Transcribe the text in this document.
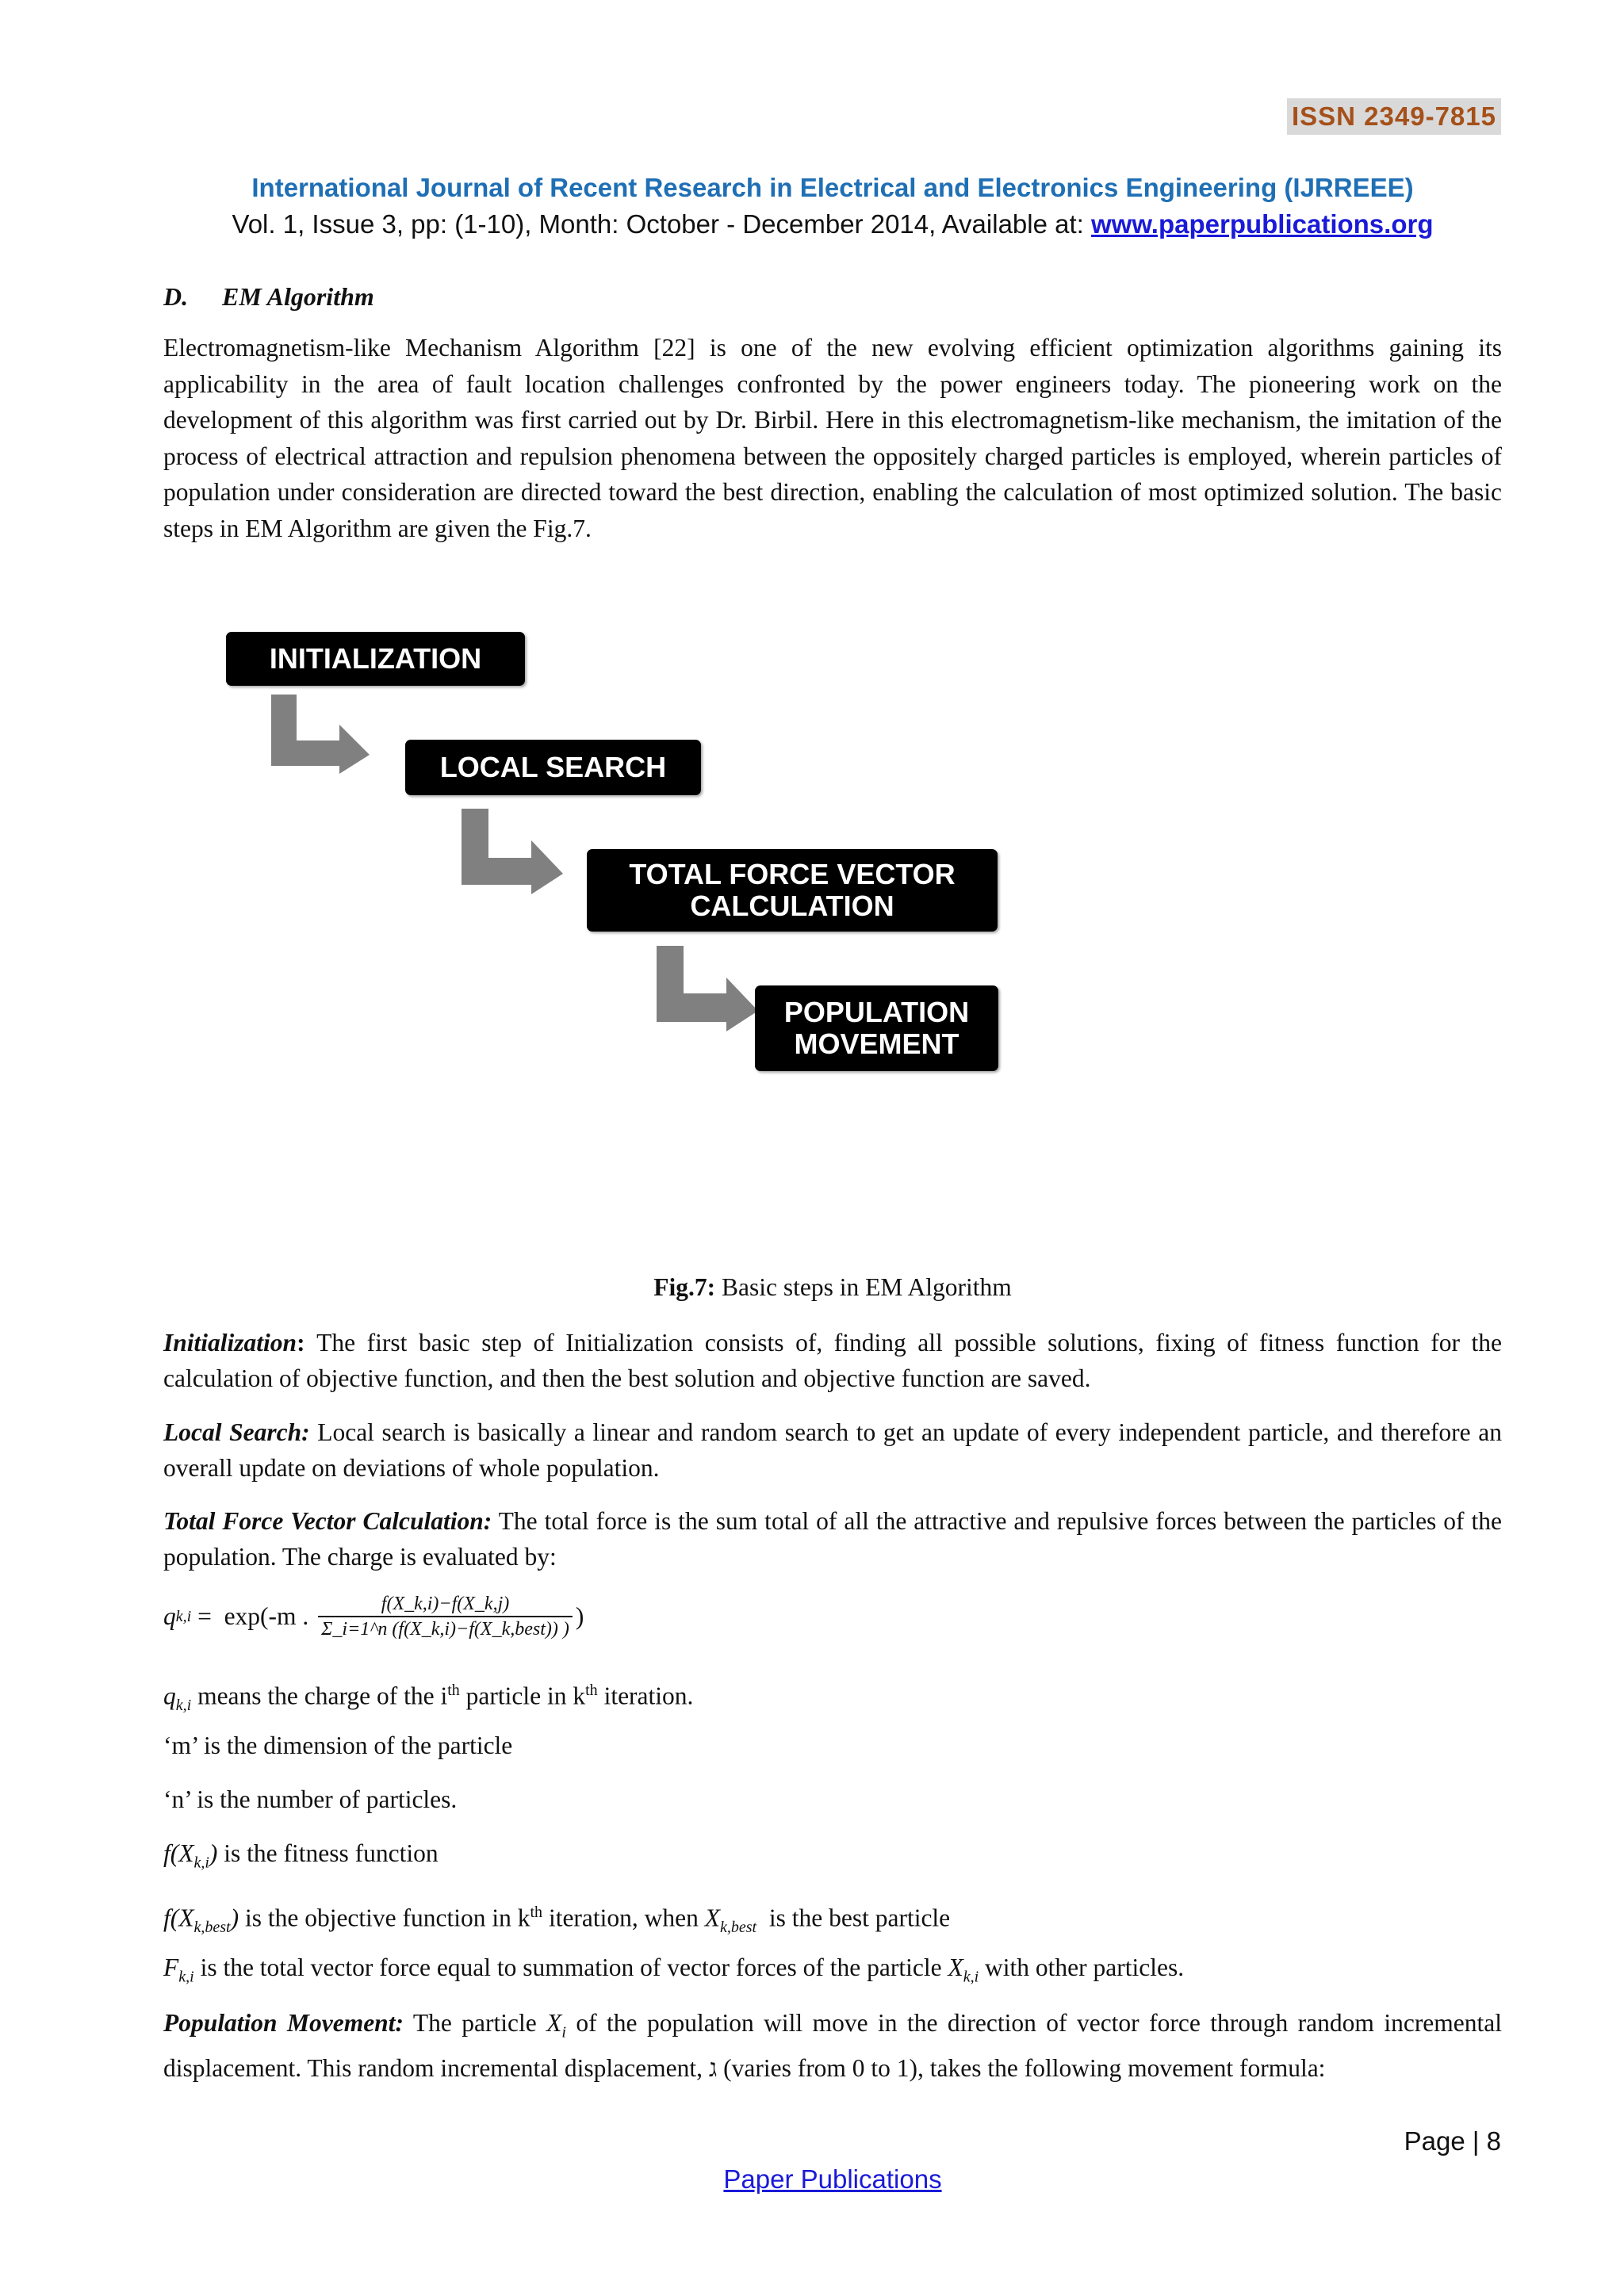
ISSN 2349-7815
International Journal of Recent Research in Electrical and Electronics Engineering (IJRREEE)
Vol. 1, Issue 3, pp: (1-10), Month: October - December 2014, Available at: www.paperpublications.org
D. EM Algorithm
Electromagnetism-like Mechanism Algorithm [22] is one of the new evolving efficient optimization algorithms gaining its applicability in the area of fault location challenges confronted by the power engineers today. The pioneering work on the development of this algorithm was first carried out by Dr. Birbil. Here in this electromagnetism-like mechanism, the imitation of the process of electrical attraction and repulsion phenomena between the oppositely charged particles is employed, wherein particles of population under consideration are directed toward the best direction, enabling the calculation of most optimized solution. The basic steps in EM Algorithm are given the Fig.7.
INITIALIZATION
LOCAL SEARCH
TOTAL FORCE VECTOR
CALCULATION
POPULATION
MOVEMENT
Fig.7: Basic steps in EM Algorithm
Initialization: The first basic step of Initialization consists of, finding all possible solutions, fixing of fitness function for the calculation of objective function, and then the best solution and objective function are saved.
Local Search: Local search is basically a linear and random search to get an update of every independent particle, and therefore an overall update on deviations of whole population.
Total Force Vector Calculation: The total force is the sum total of all the attractive and repulsive forces between the particles of the population. The charge is evaluated by:
q k,i =  exp(-m . $\frac{f(X\_k,i)-f(X\_k,j)}{\text{Σ\_i=1\textasciicircum{}n (f(X\_k,i)−f(X\_k,best)) )}}$ )
$q_{k,i}$ means the charge of the $i^{th}$ particle in $k^{th}$ iteration.
‘m’ is the dimension of the particle
‘n’ is the number of particles.
$f(X_{k,i})$ is the fitness function
$f(X_{k,best})$ is the objective function in $k^{th}$ iteration, when $X_{k,best}$  is the best particle
$F_{k,i}$ is the total vector force equal to summation of vector forces of the particle $X_{k,i}$ with other particles.
Population Movement: The particle $X_i$ of the population will move in the direction of vector force through random incremental displacement. This random incremental displacement, ג (varies from 0 to 1), takes the following movement formula:
Page | 8
Paper Publications
